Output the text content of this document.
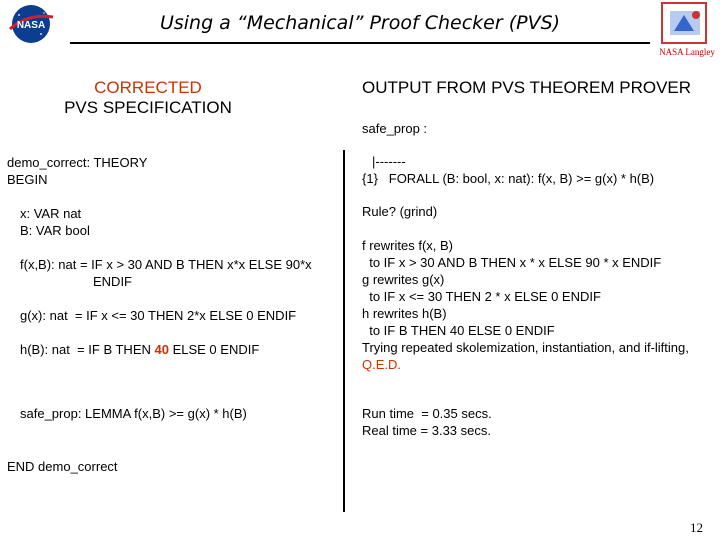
NASA	Using a “Mechanical” Proof Checker (PVS)
NASA Langley
CORRECTED
PVS SPECIFICATION
demo_correct: THEORY
BEGIN
x: VAR nat
B: VAR bool
f(x,B): nat = IF x > 30 AND B THEN x*x ELSE 90*x
ENDIF
g(x): nat  = IF x <= 30 THEN 2*x ELSE 0 ENDIF
h(B): nat  = IF B THEN 40 ELSE 0 ENDIF
safe_prop: LEMMA f(x,B) >= g(x) * h(B)
END demo_correct
OUTPUT FROM PVS THEOREM PROVER
safe_prop :
|-------
{1}   FORALL (B: bool, x: nat): f(x, B) >= g(x) * h(B)
Rule? (grind)
f rewrites f(x, B)
to IF x > 30 AND B THEN x * x ELSE 90 * x ENDIF
g rewrites g(x)
to IF x <= 30 THEN 2 * x ELSE 0 ENDIF
h rewrites h(B)
to IF B THEN 40 ELSE 0 ENDIF
Trying repeated skolemization, instantiation, and if-lifting,
Q.E.D.
Run time  = 0.35 secs.
Real time = 3.33 secs.
12
